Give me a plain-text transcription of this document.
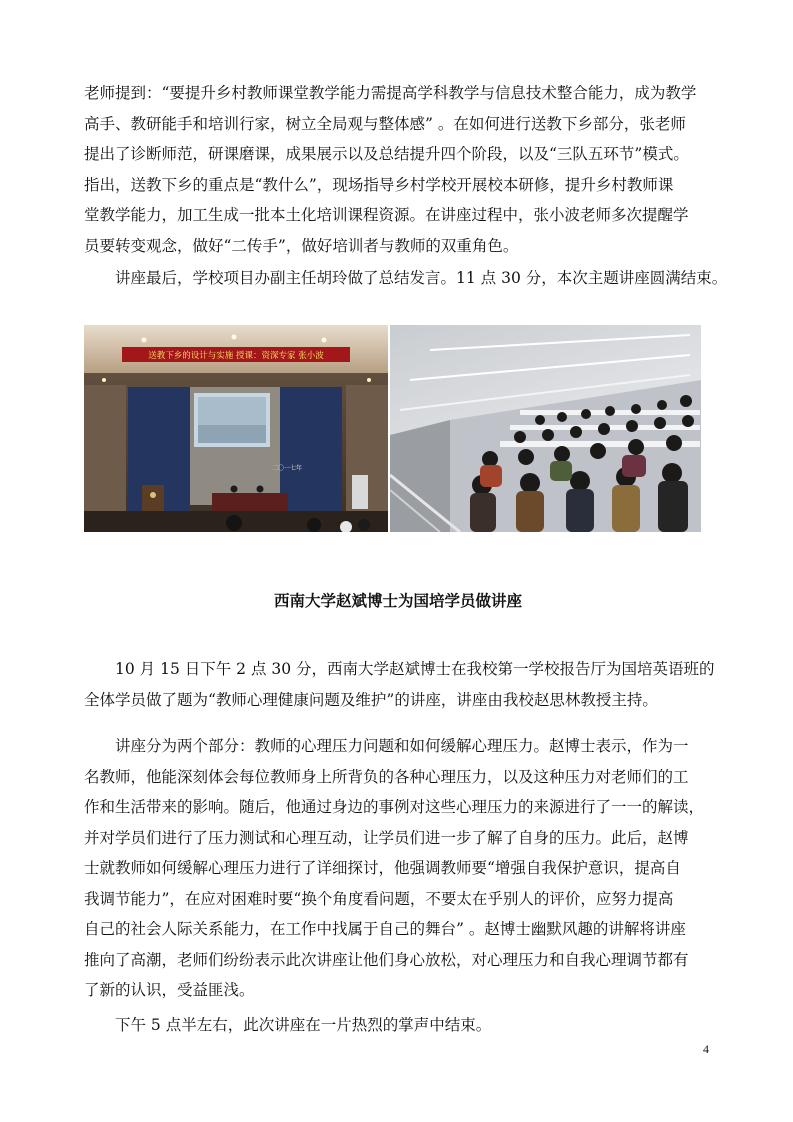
老师提到：“要提升乡村教师课堂教学能力需提高学科教学与信息技术整合能力，成为教学
高手、教研能手和培训行家，树立全局观与整体感” 。在如何进行送教下乡部分，张老师
提出了诊断师范，研课磨课，成果展示以及总结提升四个阶段，以及“三队五环节”模式。
指出，送教下乡的重点是“教什么”，现场指导乡村学校开展校本研修，提升乡村教师课
堂教学能力，加工生成一批本土化培训课程资源。在讲座过程中，张小波老师多次提醒学
员要转变观念，做好“二传手”，做好培训者与教师的双重角色。
讲座最后，学校项目办副主任胡玲做了总结发言。11 点 30 分，本次主题讲座圆满结束。
送教下乡的设计与实施 授课：资深专家 张小波
二〇一七年
西南大学赵斌博士为国培学员做讲座
10 月 15 日下午 2 点 30 分，西南大学赵斌博士在我校第一学校报告厅为国培英语班的
全体学员做了题为“教师心理健康问题及维护”的讲座，讲座由我校赵思林教授主持。
讲座分为两个部分：教师的心理压力问题和如何缓解心理压力。赵博士表示，作为一
名教师，他能深刻体会每位教师身上所背负的各种心理压力，以及这种压力对老师们的工
作和生活带来的影响。随后，他通过身边的事例对这些心理压力的来源进行了一一的解读，
并对学员们进行了压力测试和心理互动，让学员们进一步了解了自身的压力。此后，赵博
士就教师如何缓解心理压力进行了详细探讨，他强调教师要“增强自我保护意识，提高自
我调节能力”，在应对困难时要“换个角度看问题，不要太在乎别人的评价，应努力提高
自己的社会人际关系能力，在工作中找属于自己的舞台” 。赵博士幽默风趣的讲解将讲座
推向了高潮，老师们纷纷表示此次讲座让他们身心放松，对心理压力和自我心理调节都有
了新的认识，受益匪浅。
下午 5 点半左右，此次讲座在一片热烈的掌声中结束。
4
